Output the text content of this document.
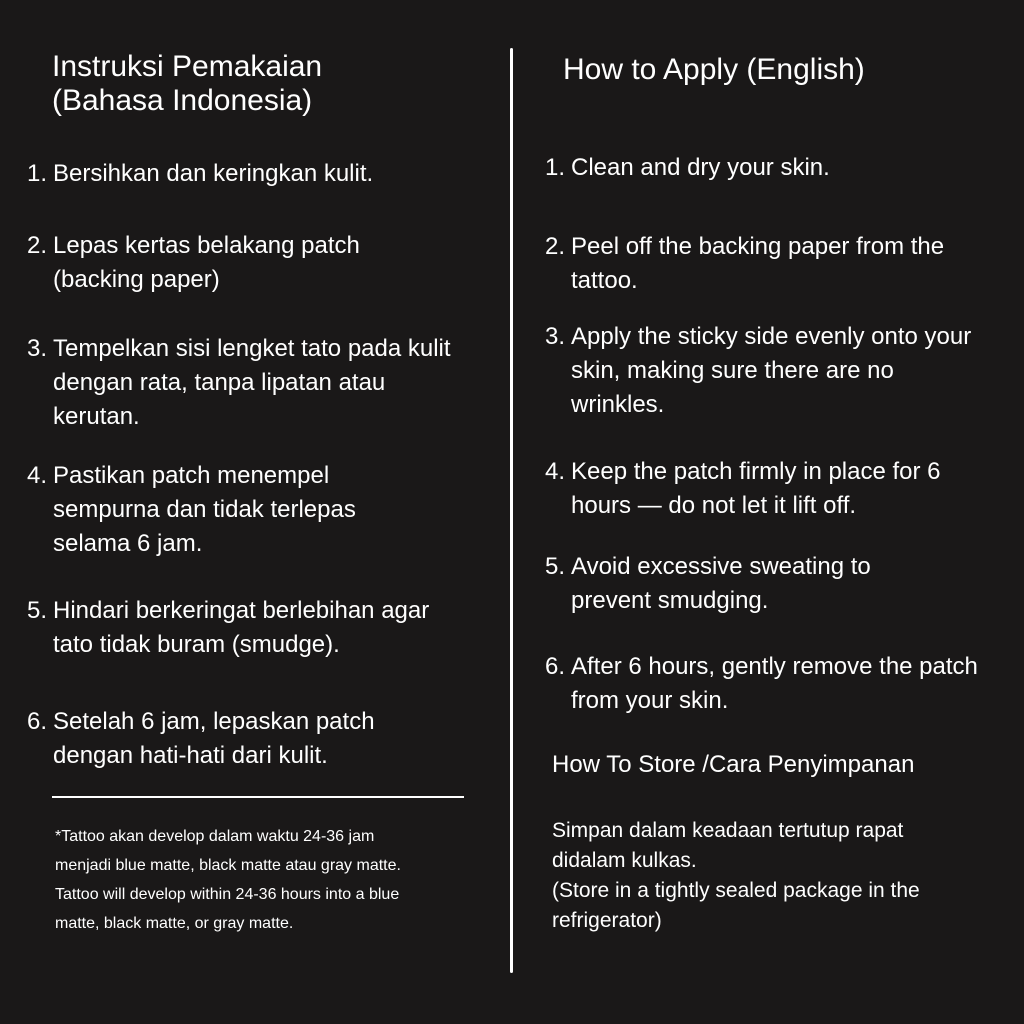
Instruksi Pemakaian
(Bahasa Indonesia)
1. Bersihkan dan keringkan kulit.
2. Lepas kertas belakang patch (backing paper)
3. Tempelkan sisi lengket tato pada kulit dengan rata, tanpa lipatan atau kerutan.
4. Pastikan patch menempel sempurna dan tidak terlepas selama 6 jam.
5. Hindari berkeringat berlebihan agar tato tidak buram (smudge).
6. Setelah 6 jam, lepaskan patch dengan hati-hati dari kulit.
*Tattoo akan develop dalam waktu 24-36 jam
menjadi blue matte, black matte atau gray matte.
Tattoo will develop within 24-36 hours into a blue
matte, black matte, or gray matte.
How to Apply (English)
1. Clean and dry your skin.
2. Peel off the backing paper from the tattoo.
3. Apply the sticky side evenly onto your skin, making sure there are no wrinkles.
4. Keep the patch firmly in place for 6 hours — do not let it lift off.
5. Avoid excessive sweating to prevent smudging.
6. After 6 hours, gently remove the patch from your skin.
How To Store /Cara Penyimpanan
Simpan dalam keadaan tertutup rapat
didalam kulkas.
(Store in a tightly sealed package in the
refrigerator)
